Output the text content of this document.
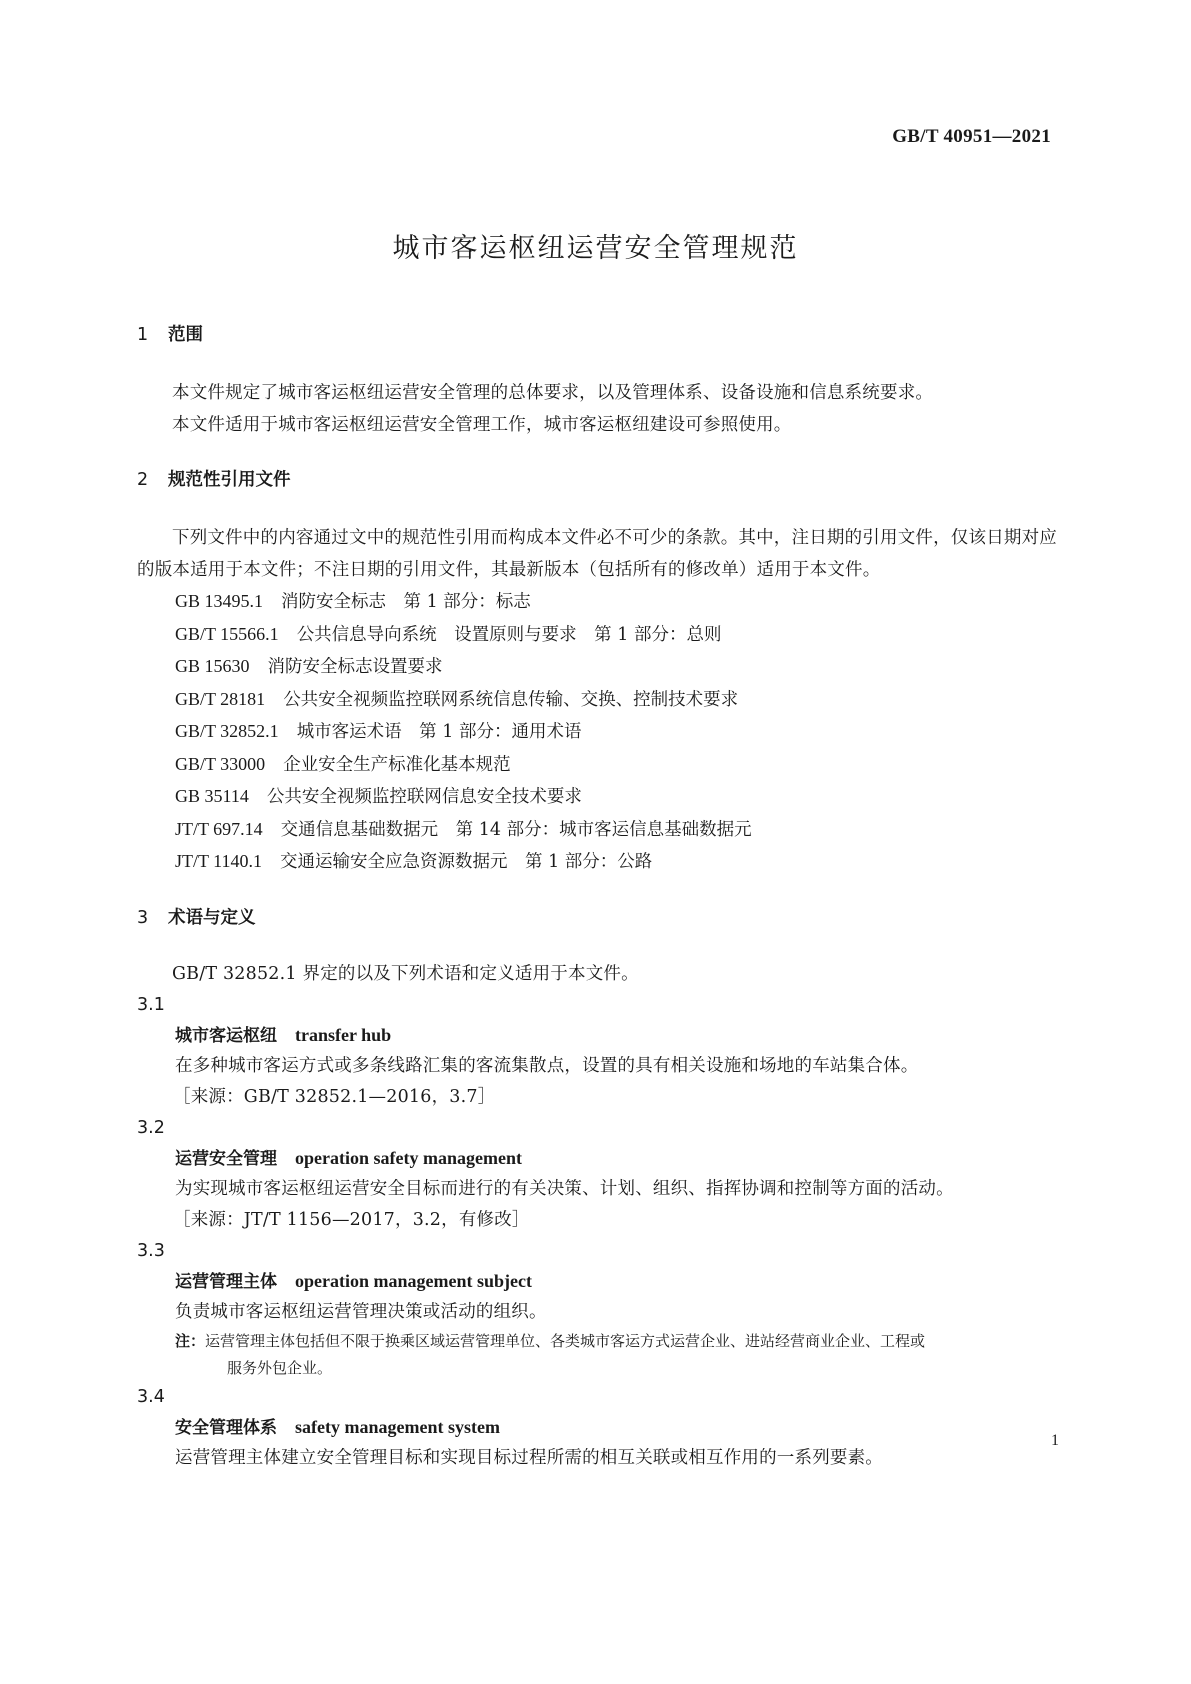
GB/T 40951—2021
城市客运枢纽运营安全管理规范
1 范围

本文件规定了城市客运枢纽运营安全管理的总体要求，以及管理体系、设备设施和信息系统要求。

本文件适用于城市客运枢纽运营安全管理工作，城市客运枢纽建设可参照使用。

2 规范性引用文件

下列文件中的内容通过文中的规范性引用而构成本文件必不可少的条款。其中，注日期的引用文件，仅该日期对应的版本适用于本文件；不注日期的引用文件，其最新版本（包括所有的修改单）适用于本文件。

GB 13495.1 消防安全标志　第 1 部分：标志

GB/T 15566.1 公共信息导向系统　设置原则与要求　第 1 部分：总则

GB 15630 消防安全标志设置要求

GB/T 28181 公共安全视频监控联网系统信息传输、交换、控制技术要求

GB/T 32852.1 城市客运术语　第 1 部分：通用术语

GB/T 33000 企业安全生产标准化基本规范

GB 35114 公共安全视频监控联网信息安全技术要求

JT/T 697.14 交通信息基础数据元　第 14 部分：城市客运信息基础数据元

JT/T 1140.1 交通运输安全应急资源数据元　第 1 部分：公路

3 术语与定义

GB/T 32852.1 界定的以及下列术语和定义适用于本文件。

3.1

城市客运枢纽 transfer hub

在多种城市客运方式或多条线路汇集的客流集散点，设置的具有相关设施和场地的车站集合体。

［来源：GB/T 32852.1—2016，3.7］

3.2

运营安全管理 operation safety management

为实现城市客运枢纽运营安全目标而进行的有关决策、计划、组织、指挥协调和控制等方面的活动。

［来源：JT/T 1156—2017，3.2，有修改］

3.3

运营管理主体 operation management subject

负责城市客运枢纽运营管理决策或活动的组织。

注：运营管理主体包括但不限于换乘区域运营管理单位、各类城市客运方式运营企业、进站经营商业企业、工程或
服务外包企业。

3.4

安全管理体系 safety management system

运营管理主体建立安全管理目标和实现目标过程所需的相互关联或相互作用的一系列要素。

1
